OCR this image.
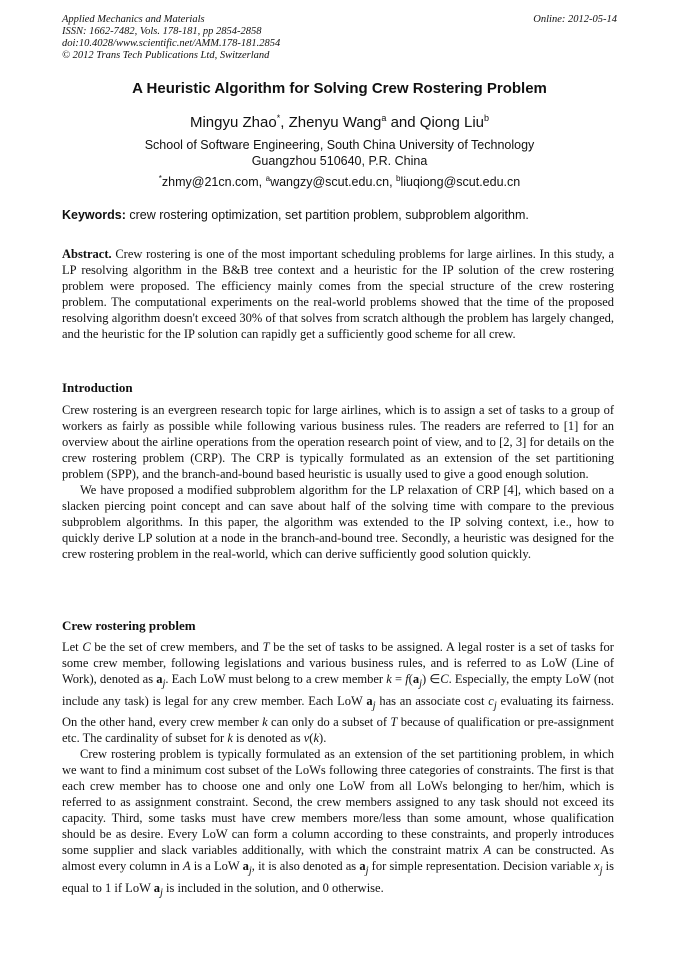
Applied Mechanics and Materials
ISSN: 1662-7482, Vols. 178-181, pp 2854-2858
doi:10.4028/www.scientific.net/AMM.178-181.2854
© 2012 Trans Tech Publications Ltd, Switzerland
Online: 2012-05-14
A Heuristic Algorithm for Solving Crew Rostering Problem
Mingyu Zhao*, Zhenyu Wang$^a$ and Qiong Liu$^b$
School of Software Engineering, South China University of Technology
Guangzhou 510640, P.R. China
*zhmy@21cn.com, $^a$wangzy@scut.edu.cn, $^b$liuqiong@scut.edu.cn
Keywords: crew rostering optimization, set partition problem, subproblem algorithm.

Abstract. Crew rostering is one of the most important scheduling problems for large airlines. In this study, a LP resolving algorithm in the B&B tree context and a heuristic for the IP solution of the crew rostering problem were proposed. The efficiency mainly comes from the special structure of the crew rostering problem. The computational experiments on the real-world problems showed that the time of the proposed resolving algorithm doesn't exceed 30% of that solves from scratch although the problem has largely changed, and the heuristic for the IP solution can rapidly get a sufficiently good scheme for all crew.

Introduction

Crew rostering is an evergreen research topic for large airlines, which is to assign a set of tasks to a group of workers as fairly as possible while following various business rules. The readers are referred to [1] for an overview about the airline operations from the operation research point of view, and to [2, 3] for details on the crew rostering problem (CRP). The CRP is typically formulated as an extension of the set partitioning problem (SPP), and the branch-and-bound based heuristic is usually used to give a good enough solution.

We have proposed a modified subproblem algorithm for the LP relaxation of CRP [4], which based on a slacken piercing point concept and can save about half of the solving time with compare to the previous subproblem algorithms. In this paper, the algorithm was extended to the IP solving context, i.e., how to quickly derive LP solution at a node in the branch-and-bound tree. Secondly, a heuristic was designed for the crew rostering problem in the real-world, which can derive sufficiently good solution quickly.

Crew rostering problem

Let C be the set of crew members, and T be the set of tasks to be assigned. A legal roster is a set of tasks for some crew member, following legislations and various business rules, and is referred to as LoW (Line of Work), denoted as $a_j$. Each LoW must belong to a crew member $k = f(a_j)$ ∈C. Especially, the empty LoW (not include any task) is legal for any crew member. Each LoW $a_j$ has an associate cost $c_j$ evaluating its fairness. On the other hand, every crew member k can only do a subset of T because of qualification or pre-assignment etc. The cardinality of subset for k is denoted as v(k).

Crew rostering problem is typically formulated as an extension of the set partitioning problem, in which we want to find a minimum cost subset of the LoWs following three categories of constraints. The first is that each crew member has to choose one and only one LoW from all LoWs belonging to her/him, which is referred to as assignment constraint. Second, the crew members assigned to any task should not exceed its capacity. Third, some tasks must have crew members more/less than some amount, whose qualification should be as desire. Every LoW can form a column according to these constraints, and properly introduces some supplier and slack variables additionally, with which the constraint matrix A can be constructed. As almost every column in A is a LoW $a_j$, it is also denoted as $a_j$ for simple representation. Decision variable $x_j$ is equal to 1 if LoW $a_j$ is included in the solution, and 0 otherwise.
